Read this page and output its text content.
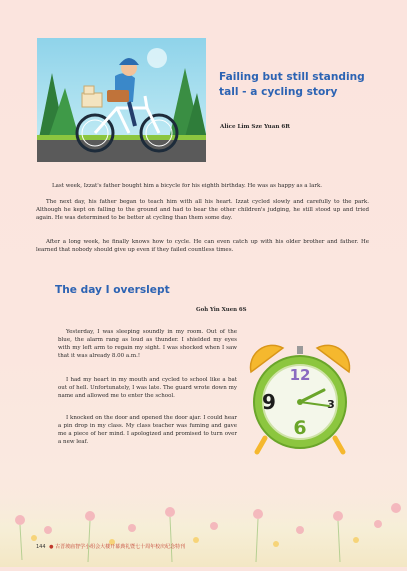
Failing but still standing tall - a cycling story
Alice Lim Sze Yuan 6R

Last week, Izzat's father bought him a bicycle for his eighth birthday. He was as happy as a lark.

The next day, his father began to teach him with all his heart. Izzat cycled slowly and carefully to the park. Although he kept on falling to the ground and had to bear the other children's judging, he still stood up and tried again. He was determined to be better at cycling than them some day.

After a long week, he finally knows how to cycle. He can even catch up with his older brother and father. He learned that nobody should give up even if they failed countless times.

The day I overslept
Goh Yin Xuen 6S

Yesterday, I was sleeping soundly in my room. Out of the blue, the alarm rang as loud as thunder. I shielded my eyes with my left arm to regain my sight. I was shocked when I saw that it was already 8.00 a.m.!

I had my heart in my mouth and cycled to school like a bat out of hell. Unfortunately, I was late. The guard wrote down my name and allowed me to enter the school.

I knocked on the door and opened the door ajar. I could hear a pin drop in my class. My class teacher was fuming and gave me a piece of her mind. I apologized and promised to turn over a new leaf.

12
9	3
6
144 ● 古晋坡庙智学小组会大楼开幕典礼暨七十周年校庆纪念特刊
